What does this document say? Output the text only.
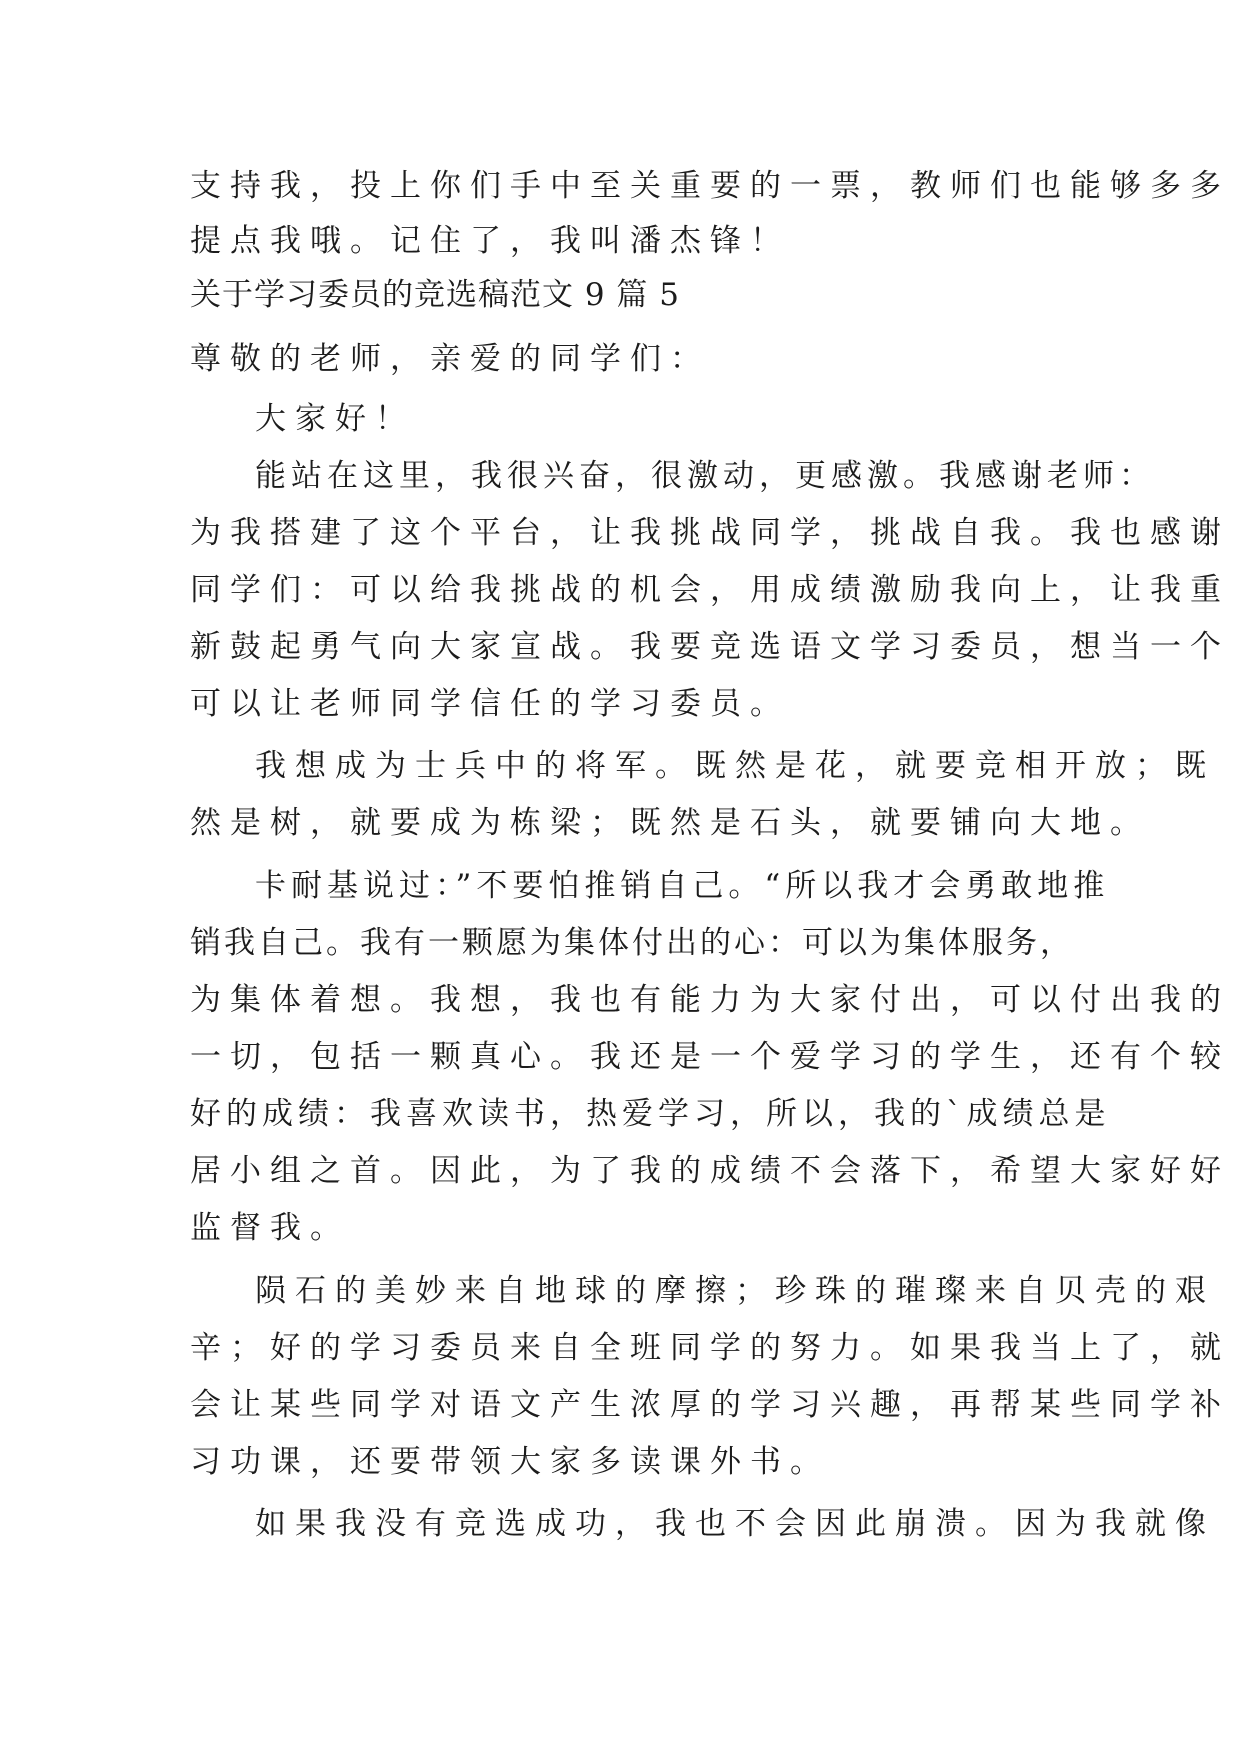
支持我，投上你们手中至关重要的一票，教师们也能够多多

提点我哦。记住了，我叫潘杰锋！

关于学习委员的竞选稿范文 9 篇 5

尊敬的老师，亲爱的同学们：

大家好！

能站在这里，我很兴奋，很激动，更感激。我感谢老师：

为我搭建了这个平台，让我挑战同学，挑战自我。我也感谢

同学们：可以给我挑战的机会，用成绩激励我向上，让我重

新鼓起勇气向大家宣战。我要竞选语文学习委员，想当一个

可以让老师同学信任的学习委员。

我想成为士兵中的将军。既然是花，就要竞相开放；既

然是树，就要成为栋梁；既然是石头，就要铺向大地。

卡耐基说过：”不要怕推销自己。“所以我才会勇敢地推

销我自己。我有一颗愿为集体付出的心：可以为集体服务，

为集体着想。我想，我也有能力为大家付出，可以付出我的

一切，包括一颗真心。我还是一个爱学习的学生，还有个较

好的成绩：我喜欢读书，热爱学习，所以，我的`成绩总是

居小组之首。因此，为了我的成绩不会落下，希望大家好好

监督我。

陨石的美妙来自地球的摩擦；珍珠的璀璨来自贝壳的艰

辛；好的学习委员来自全班同学的努力。如果我当上了，就

会让某些同学对语文产生浓厚的学习兴趣，再帮某些同学补

习功课，还要带领大家多读课外书。

如果我没有竞选成功，我也不会因此崩溃。因为我就像
